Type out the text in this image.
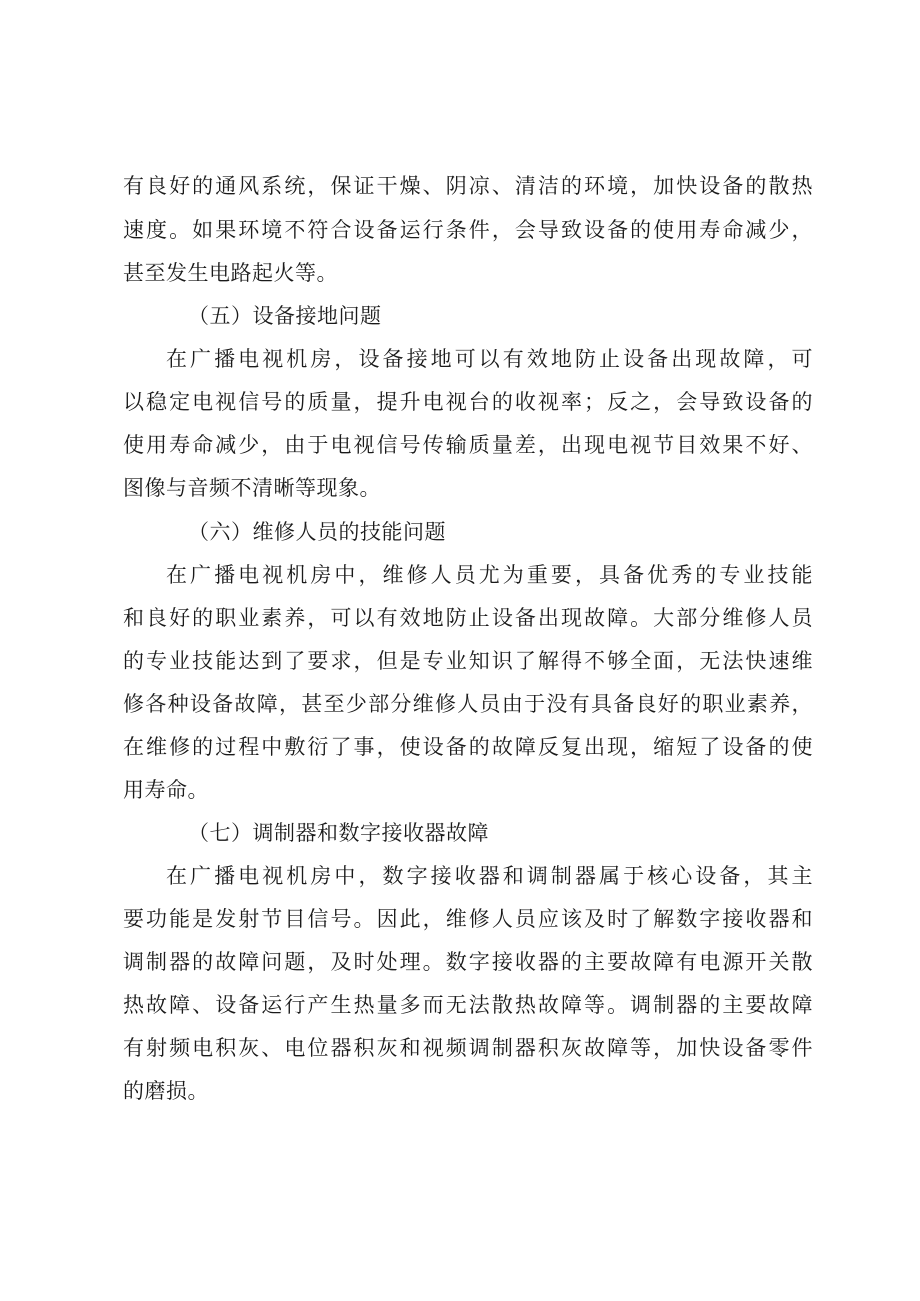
有良好的通风系统，保证干燥、阴凉、清洁的环境，加快设备的散热
速度。如果环境不符合设备运行条件，会导致设备的使用寿命减少，
甚至发生电路起火等。
（五）设备接地问题
在广播电视机房，设备接地可以有效地防止设备出现故障，可
以稳定电视信号的质量，提升电视台的收视率；反之，会导致设备的
使用寿命减少，由于电视信号传输质量差，出现电视节目效果不好、
图像与音频不清晰等现象。
（六）维修人员的技能问题
在广播电视机房中，维修人员尤为重要，具备优秀的专业技能
和良好的职业素养，可以有效地防止设备出现故障。大部分维修人员
的专业技能达到了要求，但是专业知识了解得不够全面，无法快速维
修各种设备故障，甚至少部分维修人员由于没有具备良好的职业素养，
在维修的过程中敷衍了事，使设备的故障反复出现，缩短了设备的使
用寿命。
（七）调制器和数字接收器故障
在广播电视机房中，数字接收器和调制器属于核心设备，其主
要功能是发射节目信号。因此，维修人员应该及时了解数字接收器和
调制器的故障问题，及时处理。数字接收器的主要故障有电源开关散
热故障、设备运行产生热量多而无法散热故障等。调制器的主要故障
有射频电积灰、电位器积灰和视频调制器积灰故障等，加快设备零件
的磨损。
